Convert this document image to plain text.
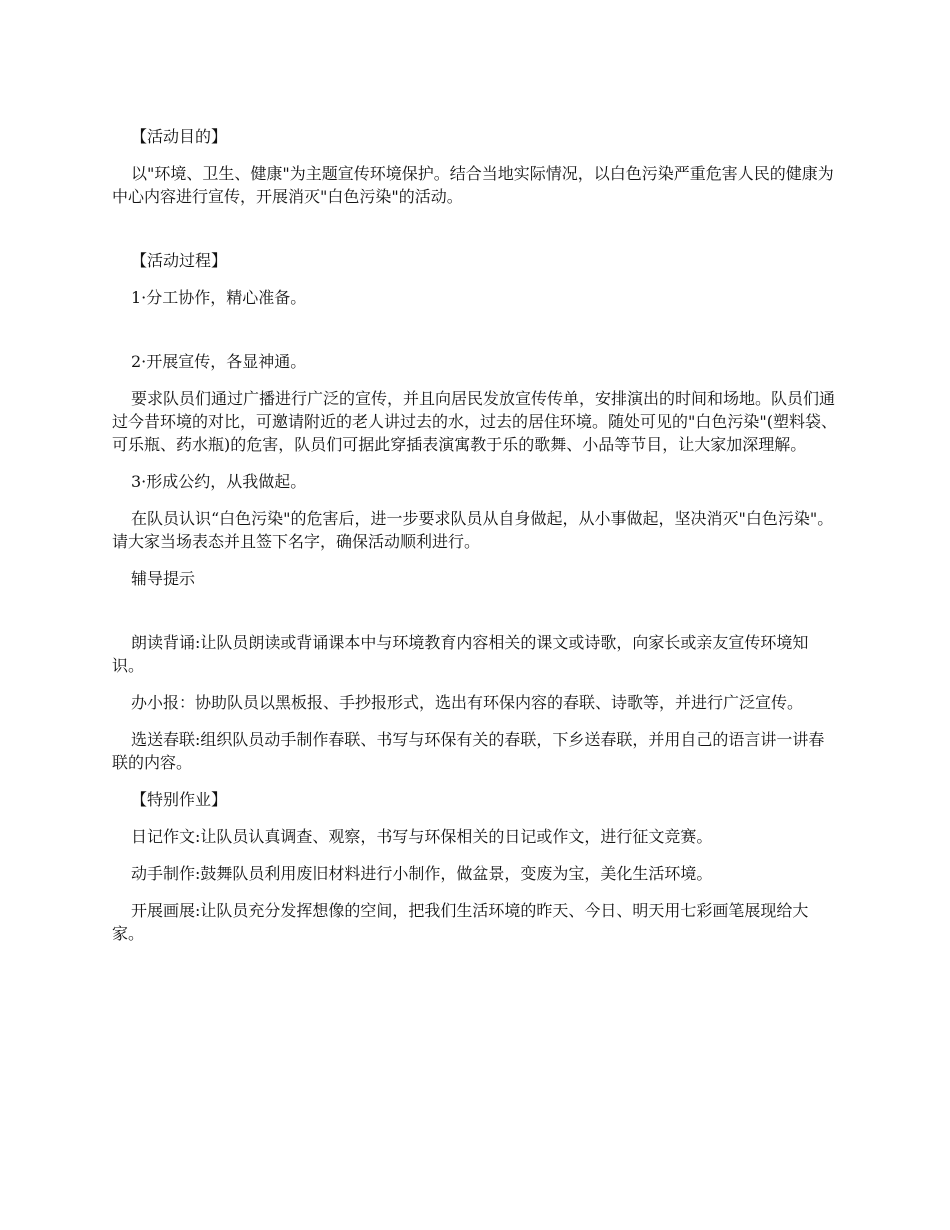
【活动目的】

以"环境、卫生、健康"为主题宣传环境保护。结合当地实际情况，以白色污染严重危害人民的健康为中心内容进行宣传，开展消灭"白色污染"的活动。

【活动过程】

1·分工协作，精心准备。

2·开展宣传，各显神通。

要求队员们通过广播进行广泛的宣传，并且向居民发放宣传传单，安排演出的时间和场地。队员们通过今昔环境的对比，可邀请附近的老人讲过去的水，过去的居住环境。随处可见的"白色污染"(塑料袋、可乐瓶、药水瓶)的危害，队员们可据此穿插表演寓教于乐的歌舞、小品等节目，让大家加深理解。

3·形成公约，从我做起。

在队员认识“白色污染"的危害后，进一步要求队员从自身做起，从小事做起，坚决消灭"白色污染"。请大家当场表态并且签下名字，确保活动顺利进行。

辅导提示

朗读背诵:让队员朗读或背诵课本中与环境教育内容相关的课文或诗歌，向家长或亲友宣传环境知识。

办小报：协助队员以黑板报、手抄报形式，选出有环保内容的春联、诗歌等，并进行广泛宣传。

选送春联:组织队员动手制作春联、书写与环保有关的春联，下乡送春联，并用自己的语言讲一讲春联的内容。

【特别作业】

日记作文:让队员认真调查、观察，书写与环保相关的日记或作文，进行征文竞赛。

动手制作:鼓舞队员利用废旧材料进行小制作，做盆景，变废为宝，美化生活环境。

开展画展:让队员充分发挥想像的空间，把我们生活环境的昨天、今日、明天用七彩画笔展现给大家。
